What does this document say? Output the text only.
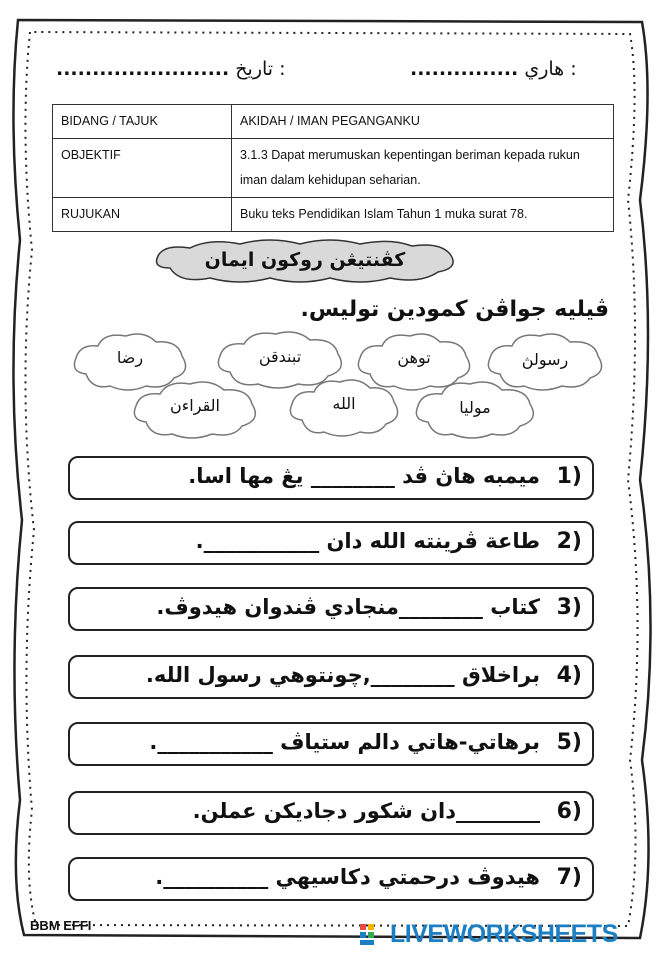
........................ تاريخ :	............... هاري :
BIDANG / TAJUK	AKIDAH / IMAN PEGANGANKU
OBJEKTIF	3.1.3 Dapat merumuskan kepentingan beriman kepada rukun iman dalam kehidupan seharian.
RUJUKAN	Buku teks Pendidikan Islam Tahun 1 muka surat 78.
كڤنتيڠن روكون ايمان
ڤيليه جواڤن كمودين توليس.
رضا	تبندقن	توهن	رسولڽ
القراءن	الله	موليا
1)
ميمبه هاڽ ڤد ________ يڠ مها اسا.
2)
طاعة ڤرينته الله دان ___________.
3)
كتاب ________منجادي ڤندوان هيدوڤ.
4)
براخلاق ________,چونتوهي رسول الله.
5)
برهاتي-هاتي دالم ستياڤ ___________.
6)
________دان شكور دجاديكن عملن.
7)
هيدوڤ درحمتي دكاسيهي __________.
BBM EFFI	LIVEWORKSHEETS
